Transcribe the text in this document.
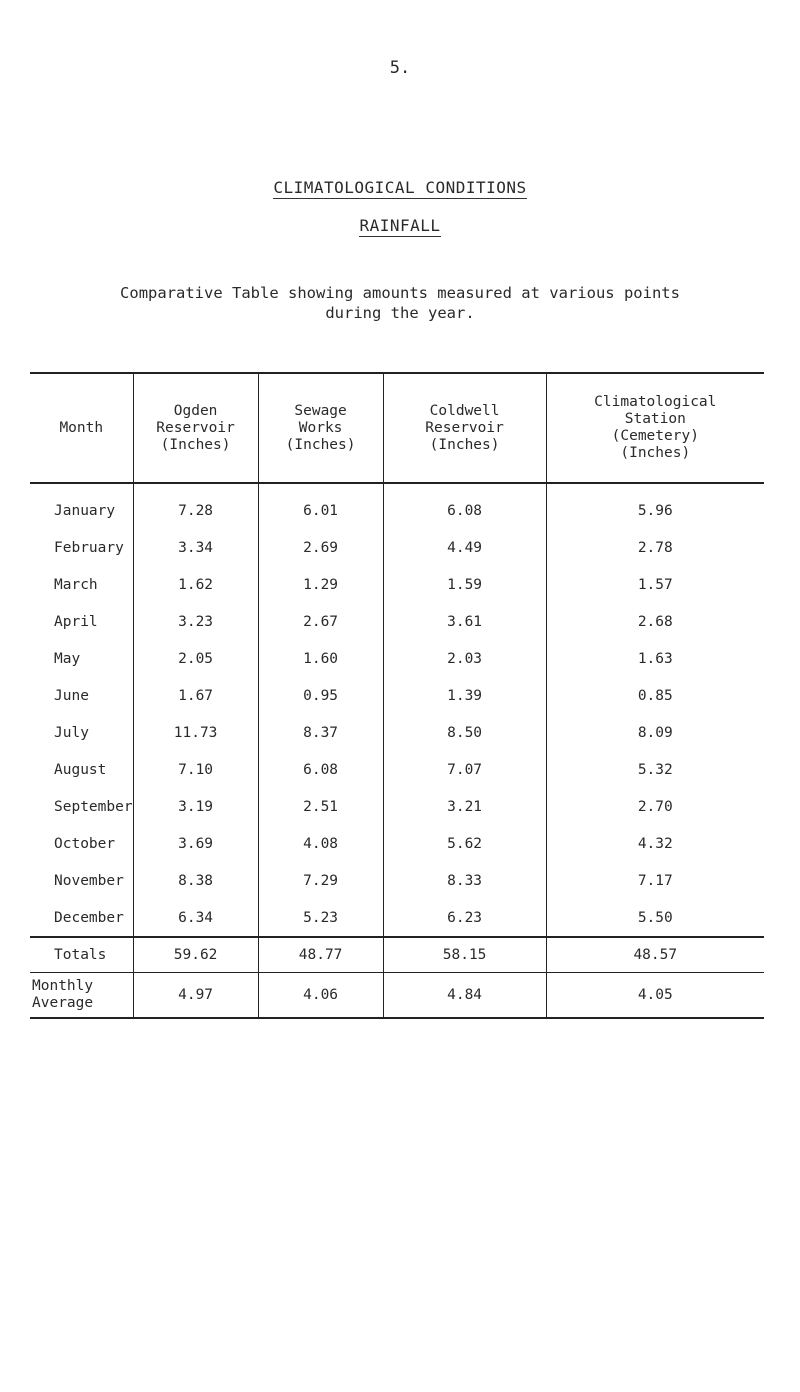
5.
CLIMATOLOGICAL CONDITIONS
RAINFALL
Comparative Table showing amounts measured at various points
during the year.
Month	Ogden
Reservoir
(Inches)	Sewage
Works
(Inches)	Coldwell
Reservoir
(Inches)	Climatological
Station
(Cemetery)
(Inches)
January	7.28	6.01	6.08	5.96
February	3.34	2.69	4.49	2.78
March	1.62	1.29	1.59	1.57
April	3.23	2.67	3.61	2.68
May	2.05	1.60	2.03	1.63
June	1.67	0.95	1.39	0.85
July	11.73	8.37	8.50	8.09
August	7.10	6.08	7.07	5.32
September	3.19	2.51	3.21	2.70
October	3.69	4.08	5.62	4.32
November	8.38	7.29	8.33	7.17
December	6.34	5.23	6.23	5.50
Totals	59.62	48.77	58.15	48.57
Monthly
Average	4.97	4.06	4.84	4.05
